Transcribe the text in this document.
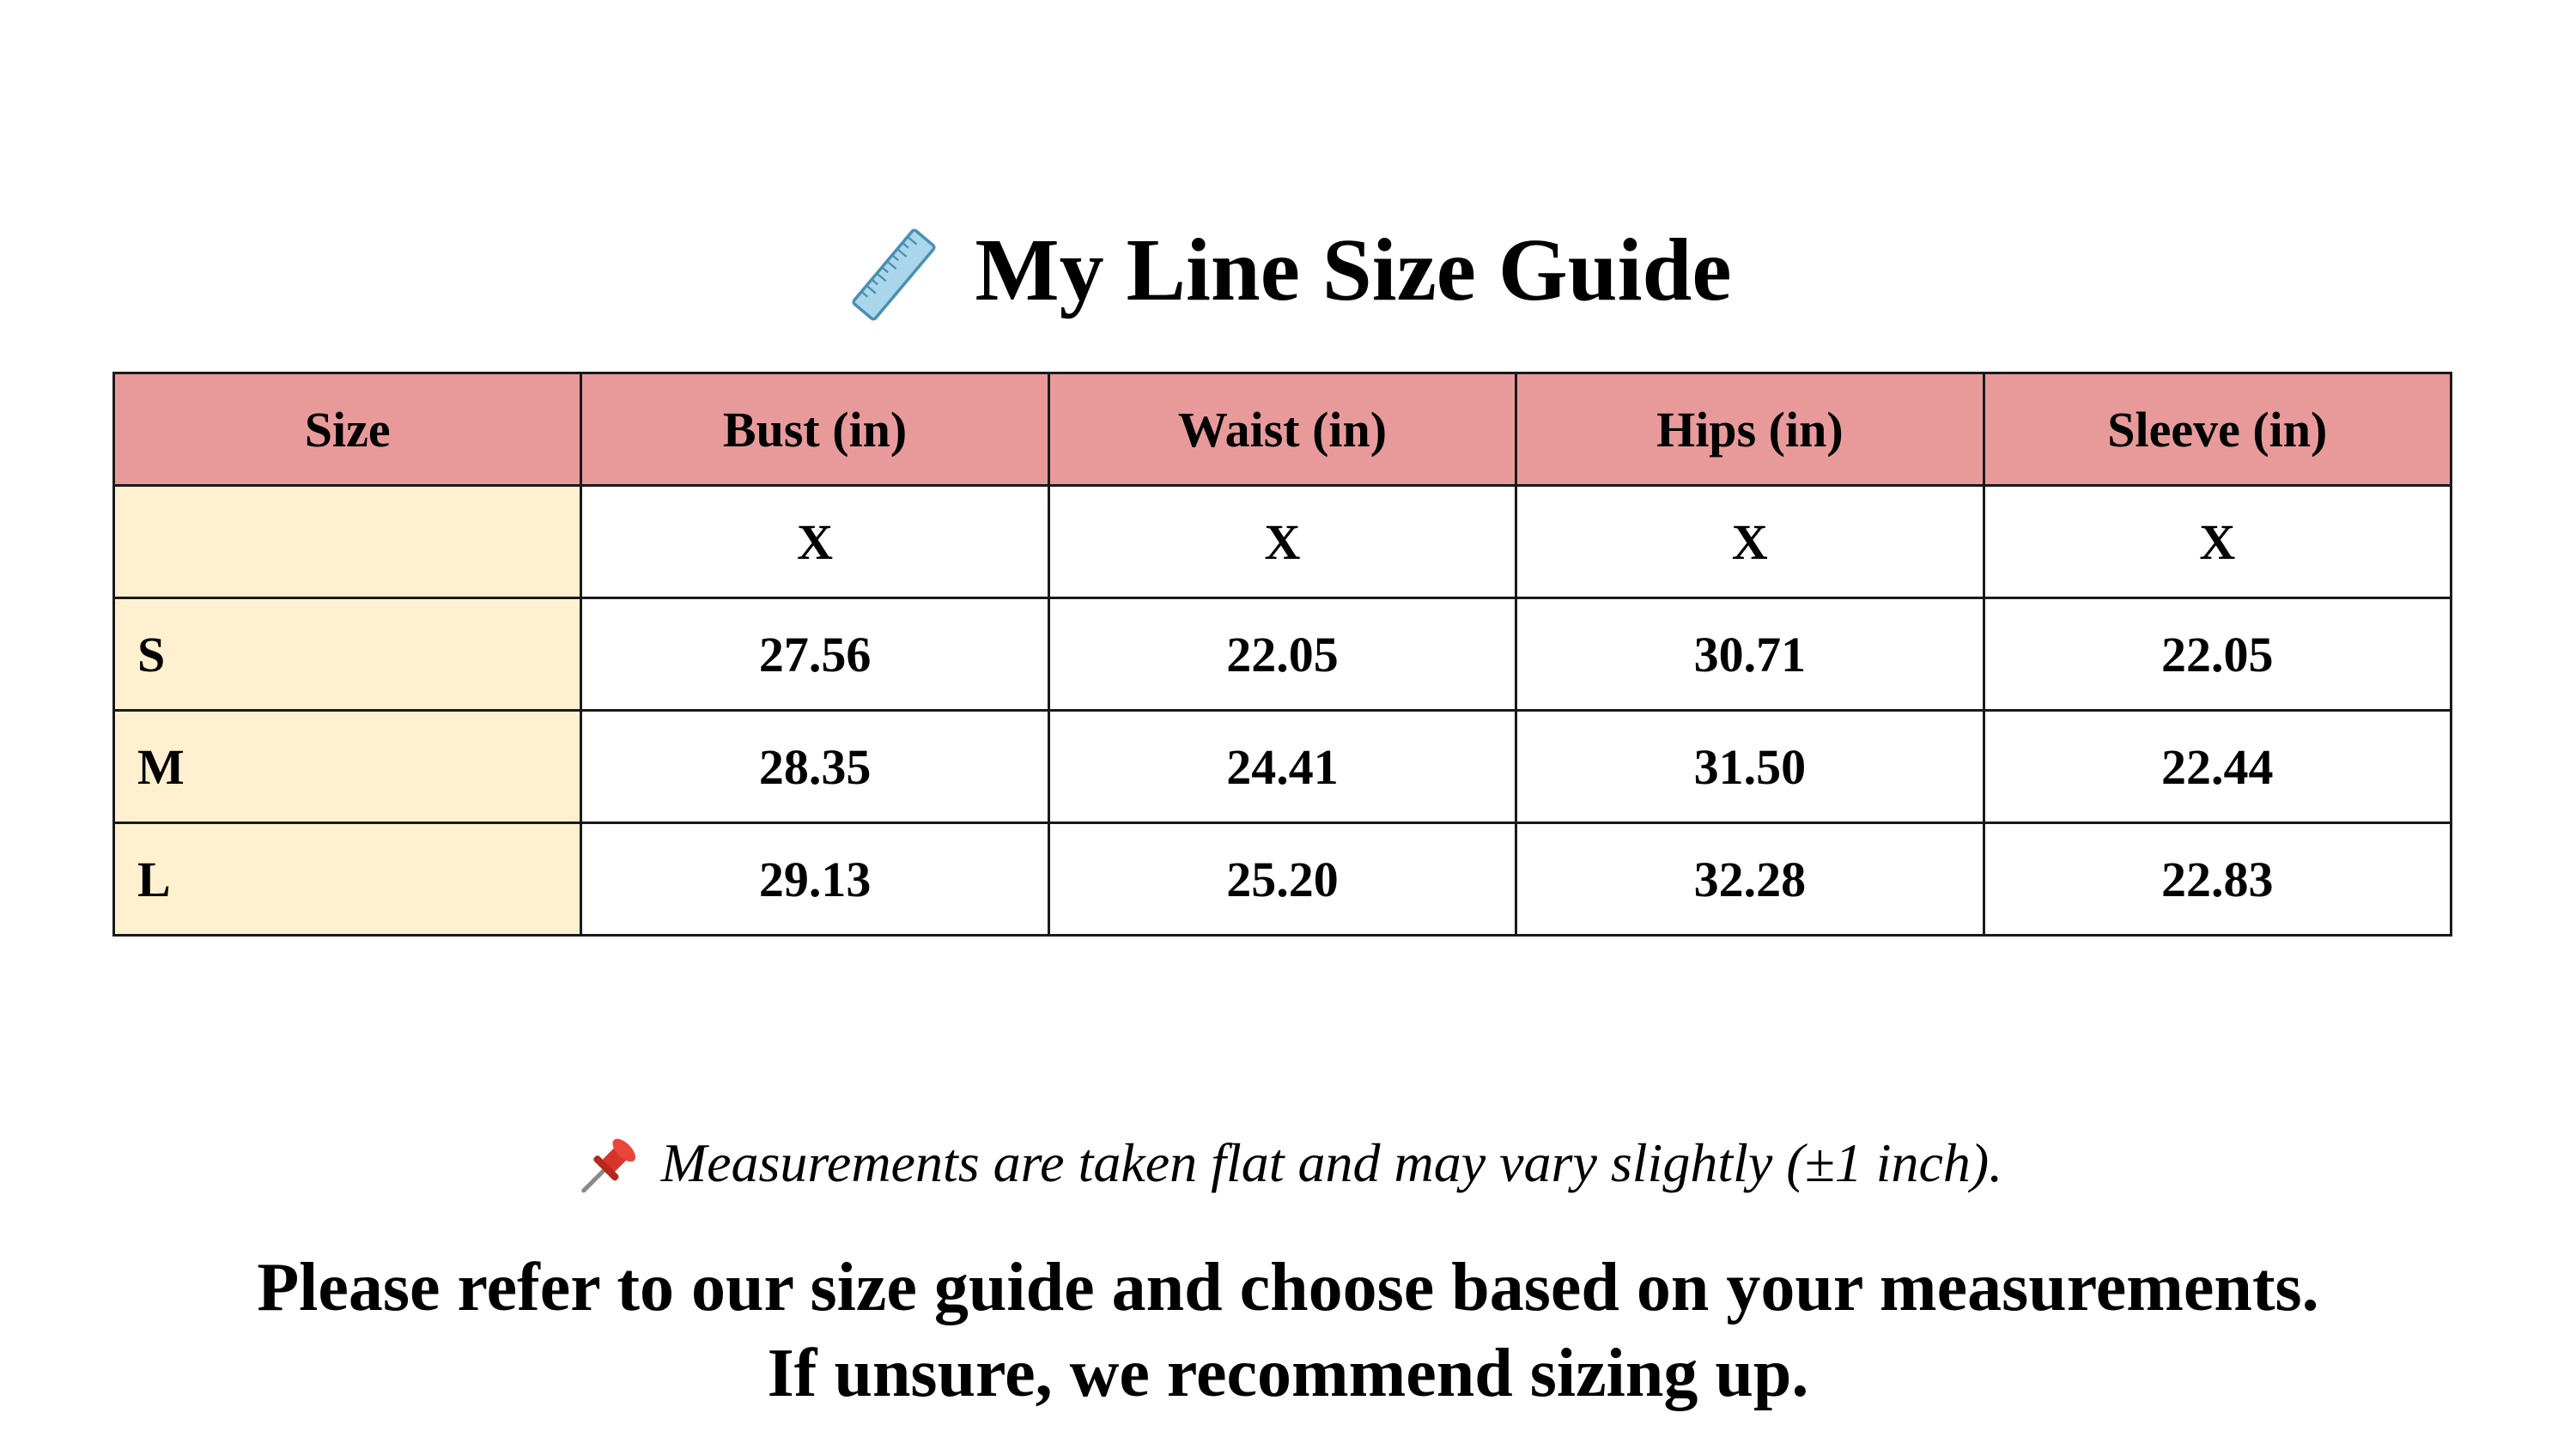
My Line Size Guide
Size	Bust (in)	Waist (in)	Hips (in)	Sleeve (in)
	X	X	X	X
S	27.56	22.05	30.71	22.05
M	28.35	24.41	31.50	22.44
L	29.13	25.20	32.28	22.83
Measurements are taken flat and may vary slightly (±1 inch).
Please refer to our size guide and choose based on your measurements.
If unsure, we recommend sizing up.
